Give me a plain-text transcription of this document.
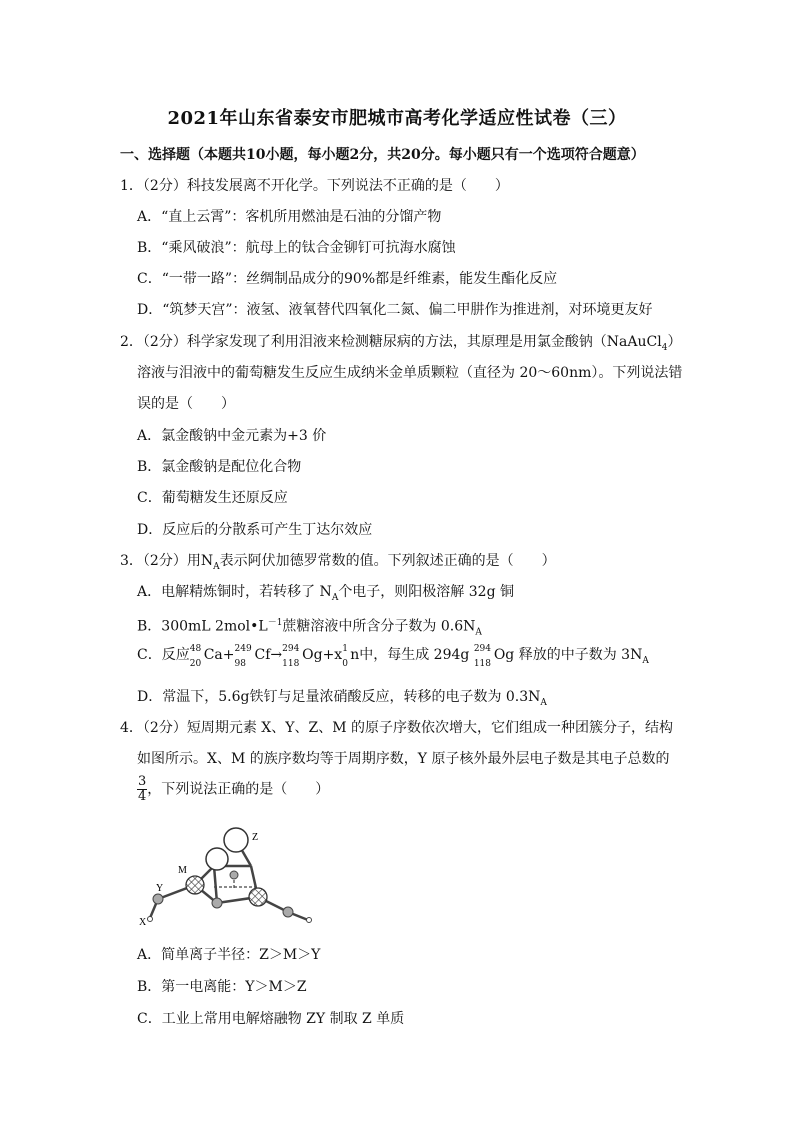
2021年山东省泰安市肥城市高考化学适应性试卷（三）
一、选择题（本题共10小题，每小题2分，共20分。每小题只有一个选项符合题意）
1．（2分）科技发展离不开化学。下列说法不正确的是（　　）
A．“直上云霄”：客机所用燃油是石油的分馏产物
B．“乘风破浪”：航母上的钛合金铆钉可抗海水腐蚀
C．“一带一路”：丝绸制品成分的90%都是纤维素，能发生酯化反应
D．“筑梦天宫”：液氢、液氧替代四氧化二氮、偏二甲肼作为推进剂，对环境更友好
2．（2分）科学家发现了利用泪液来检测糖尿病的方法，其原理是用氯金酸钠（NaAuCl$_4$）
溶液与泪液中的葡萄糖发生反应生成纳米金单质颗粒（直径为 20～60nm）。下列说法错
误的是（　　）
A．氯金酸钠中金元素为+3 价
B．氯金酸钠是配位化合物
C．葡萄糖发生还原反应
D．反应后的分散系可产生丁达尔效应
3．（2分）用$N_A$表示阿伏加德罗常数的值。下列叙述正确的是（　　）
A．电解精炼铜时，若转移了 $N_A$个电子，则阳极溶解 32g 铜
B．300mL $2mol•L^{-1}$蔗糖溶液中所含分子数为 $0.6N_A$
C．反应 48
20
Ca+ 249
98
Cf→ 294
118
Og+x 1
0
n中，每生成 294g 294
118
Og 释放的中子数为 $3N_A$
D．常温下，5.6g铁钉与足量浓硝酸反应，转移的电子数为 $0.3N_A$
4．（2分）短周期元素 X、Y、Z、M 的原子序数依次增大，它们组成一种团簇分子，结构
如图所示。X、M 的族序数均等于周期序数，Y 原子核外最外层电子数是其电子总数的
$\frac{3}{4}$ ，下列说法正确的是（　　）
Z
M
Y
X
A．简单离子半径：Z＞M＞Y
B．第一电离能：Y＞M＞Z
C．工业上常用电解熔融物 ZY 制取 Z 单质
